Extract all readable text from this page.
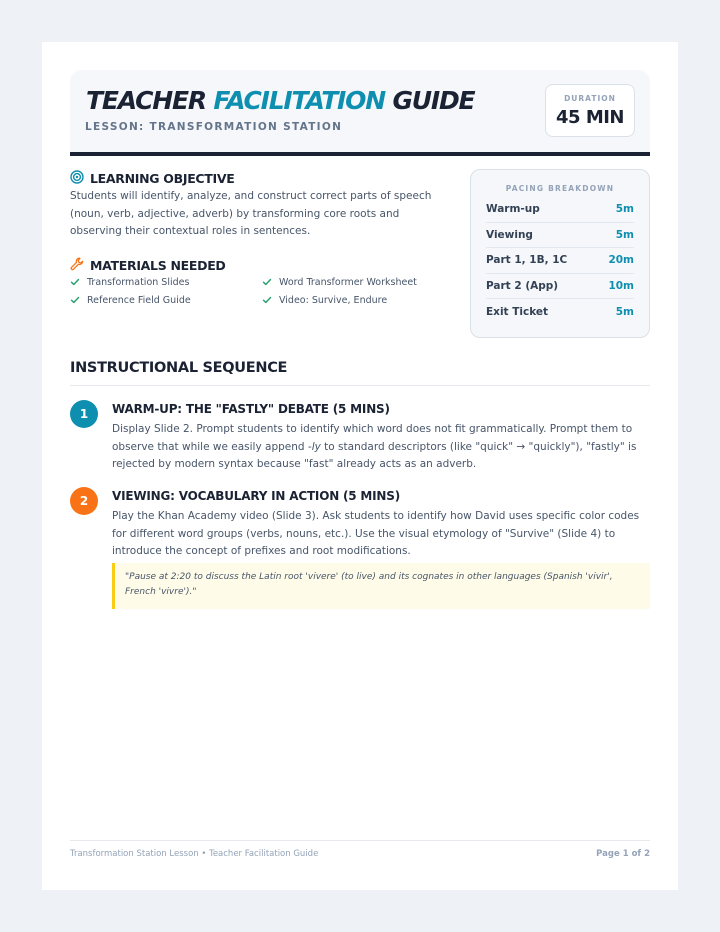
TEACHER FACILITATION GUIDE
LESSON: TRANSFORMATION STATION
DURATION
45 MIN
LEARNING OBJECTIVE
Students will identify, analyze, and construct correct parts of speech (noun, verb, adjective, adverb) by transforming core roots and observing their contextual roles in sentences.
MATERIALS NEEDED
Transformation Slides	Word Transformer Worksheet
Reference Field Guide	Video: Survive, Endure
PACING BREAKDOWN
Warm-up	5m
Viewing	5m
Part 1, 1B, 1C	20m
Part 2 (App)	10m
Exit Ticket	5m
INSTRUCTIONAL SEQUENCE
1	WARM-UP: THE "FASTLY" DEBATE (5 MINS)
Display Slide 2. Prompt students to identify which word does not fit grammatically. Prompt them to observe that while we easily append -ly to standard descriptors (like "quick" → "quickly"), "fastly" is rejected by modern syntax because "fast" already acts as an adverb.
2	VIEWING: VOCABULARY IN ACTION (5 MINS)
Play the Khan Academy video (Slide 3). Ask students to identify how David uses specific color codes for different word groups (verbs, nouns, etc.). Use the visual etymology of "Survive" (Slide 4) to introduce the concept of prefixes and root modifications.
"Pause at 2:20 to discuss the Latin root 'vivere' (to live) and its cognates in other languages (Spanish 'vivir', French 'vivre')."
Transformation Station Lesson • Teacher Facilitation Guide	Page 1 of 2
